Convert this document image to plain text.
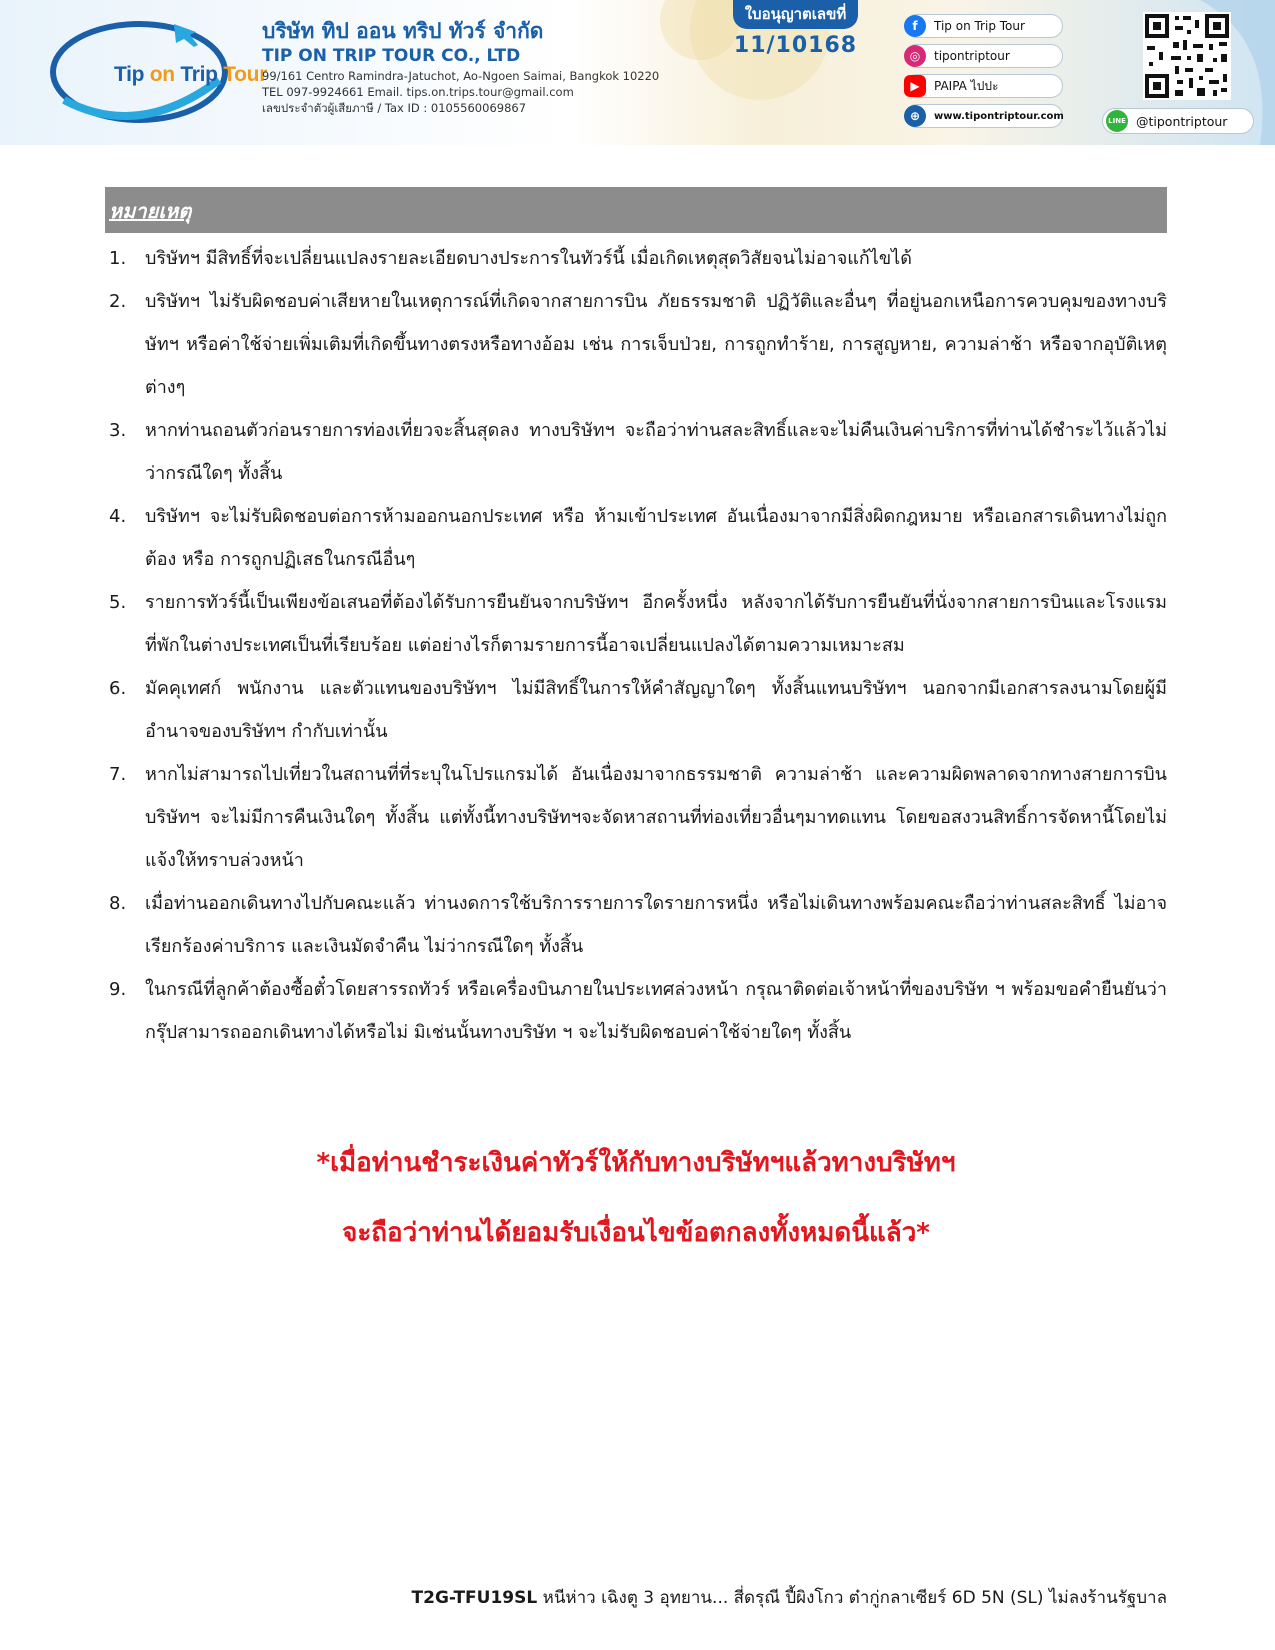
Tip on Trip Tour
บริษัท ทิป ออน ทริป ทัวร์ จำกัด
TIP ON TRIP TOUR CO., LTD
99/161 Centro Ramindra-Jatuchot, Ao-Ngoen Saimai, Bangkok 10220
TEL 097-9924661 Email. tips.on.trips.tour@gmail.com
เลขประจำตัวผู้เสียภาษี / Tax ID : 0105560069867
ใบอนุญาตเลขที่
11/10168
f	Tip on Trip Tour
◎	tipontriptour
▶	PAIPA ไปปะ
⊕	www.tipontriptour.com	LINE @tipontriptour
หมายเหตุ
1.	บริษัทฯ มีสิทธิ์ที่จะเปลี่ยนแปลงรายละเอียดบางประการในทัวร์นี้ เมื่อเกิดเหตุสุดวิสัยจนไม่อาจแก้ไขได้
2.	บริษัทฯ ไม่รับผิดชอบค่าเสียหายในเหตุการณ์ที่เกิดจากสายการบิน ภัยธรรมชาติ ปฏิวัติและอื่นๆ ที่อยู่นอกเหนือการควบคุมของทางบริษัทฯ หรือค่าใช้จ่ายเพิ่มเติมที่เกิดขึ้นทางตรงหรือทางอ้อม เช่น การเจ็บป่วย, การถูกทำร้าย, การสูญหาย, ความล่าช้า หรือจากอุบัติเหตุต่างๆ
3.	หากท่านถอนตัวก่อนรายการท่องเที่ยวจะสิ้นสุดลง ทางบริษัทฯ จะถือว่าท่านสละสิทธิ์และจะไม่คืนเงินค่าบริการที่ท่านได้ชำระไว้แล้วไม่ว่ากรณีใดๆ ทั้งสิ้น
4.	บริษัทฯ จะไม่รับผิดชอบต่อการห้ามออกนอกประเทศ หรือ ห้ามเข้าประเทศ อันเนื่องมาจากมีสิ่งผิดกฎหมาย หรือเอกสารเดินทางไม่ถูกต้อง หรือ การถูกปฏิเสธในกรณีอื่นๆ
5.	รายการทัวร์นี้เป็นเพียงข้อเสนอที่ต้องได้รับการยืนยันจากบริษัทฯ อีกครั้งหนึ่ง หลังจากได้รับการยืนยันที่นั่งจากสายการบินและโรงแรมที่พักในต่างประเทศเป็นที่เรียบร้อย แต่อย่างไรก็ตามรายการนี้อาจเปลี่ยนแปลงได้ตามความเหมาะสม
6.	มัคคุเทศก์ พนักงาน และตัวแทนของบริษัทฯ ไม่มีสิทธิ์ในการให้คำสัญญาใดๆ ทั้งสิ้นแทนบริษัทฯ นอกจากมีเอกสารลงนามโดยผู้มีอำนาจของบริษัทฯ กำกับเท่านั้น
7.	หากไม่สามารถไปเที่ยวในสถานที่ที่ระบุในโปรแกรมได้ อันเนื่องมาจากธรรมชาติ ความล่าช้า และความผิดพลาดจากทางสายการบิน บริษัทฯ จะไม่มีการคืนเงินใดๆ ทั้งสิ้น แต่ทั้งนี้ทางบริษัทฯจะจัดหาสถานที่ท่องเที่ยวอื่นๆมาทดแทน โดยขอสงวนสิทธิ์การจัดหานี้โดยไม่แจ้งให้ทราบล่วงหน้า
8.	เมื่อท่านออกเดินทางไปกับคณะแล้ว ท่านงดการใช้บริการรายการใดรายการหนึ่ง หรือไม่เดินทางพร้อมคณะถือว่าท่านสละสิทธิ์ ไม่อาจเรียกร้องค่าบริการ และเงินมัดจำคืน ไม่ว่ากรณีใดๆ ทั้งสิ้น
9.	ในกรณีที่ลูกค้าต้องซื้อตั๋วโดยสารรถทัวร์ หรือเครื่องบินภายในประเทศล่วงหน้า กรุณาติดต่อเจ้าหน้าที่ของบริษัท ฯ พร้อมขอคำยืนยันว่ากรุ๊ปสามารถออกเดินทางได้หรือไม่ มิเช่นนั้นทางบริษัท ฯ จะไม่รับผิดชอบค่าใช้จ่ายใดๆ ทั้งสิ้น
*เมื่อท่านชำระเงินค่าทัวร์ให้กับทางบริษัทฯแล้วทางบริษัทฯ
จะถือว่าท่านได้ยอมรับเงื่อนไขข้อตกลงทั้งหมดนี้แล้ว*
T2G-TFU19SL หนีห่าว เฉิงตู 3 อุทยาน... สี่ดรุณี ปี้ผิงโกว ต๋ากู่กลาเซียร์ 6D 5N (SL) ไม่ลงร้านรัฐบาล
